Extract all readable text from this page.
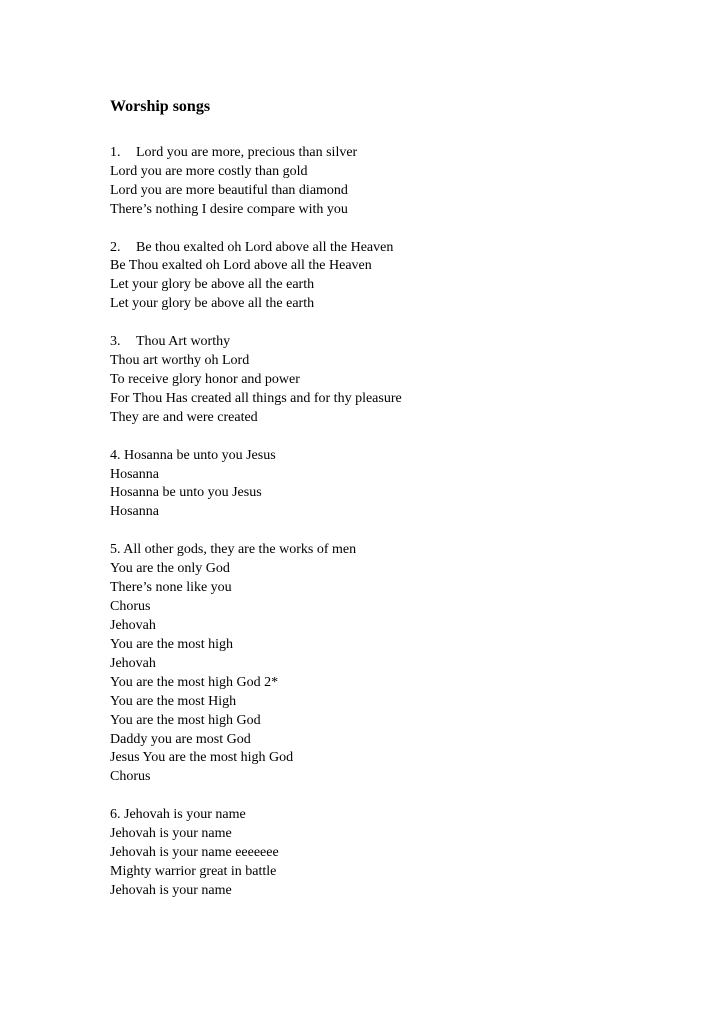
Worship songs
1. Lord you are more, precious than silver
Lord you are more costly than gold
Lord you are more beautiful than diamond
There’s nothing I desire compare with you
2. Be thou exalted oh Lord above all the Heaven
Be Thou exalted oh Lord above all the Heaven
Let your glory be above all the earth
Let your glory be above all the earth
3. Thou Art worthy
Thou art worthy oh Lord
To receive glory honor and power
For Thou Has created all things and for thy pleasure
They are and were created
4. Hosanna be unto you Jesus
Hosanna
Hosanna be unto you Jesus
Hosanna
5. All other gods, they are the works of men
You are the only God
There’s none like you
Chorus
Jehovah
You are the most high
Jehovah
You are the most high God 2*
You are the most High
You are the most high God
Daddy you are most God
Jesus You are the most high God
Chorus
6. Jehovah is your name
Jehovah is your name
Jehovah is your name eeeeeee
Mighty warrior great in battle
Jehovah is your name
